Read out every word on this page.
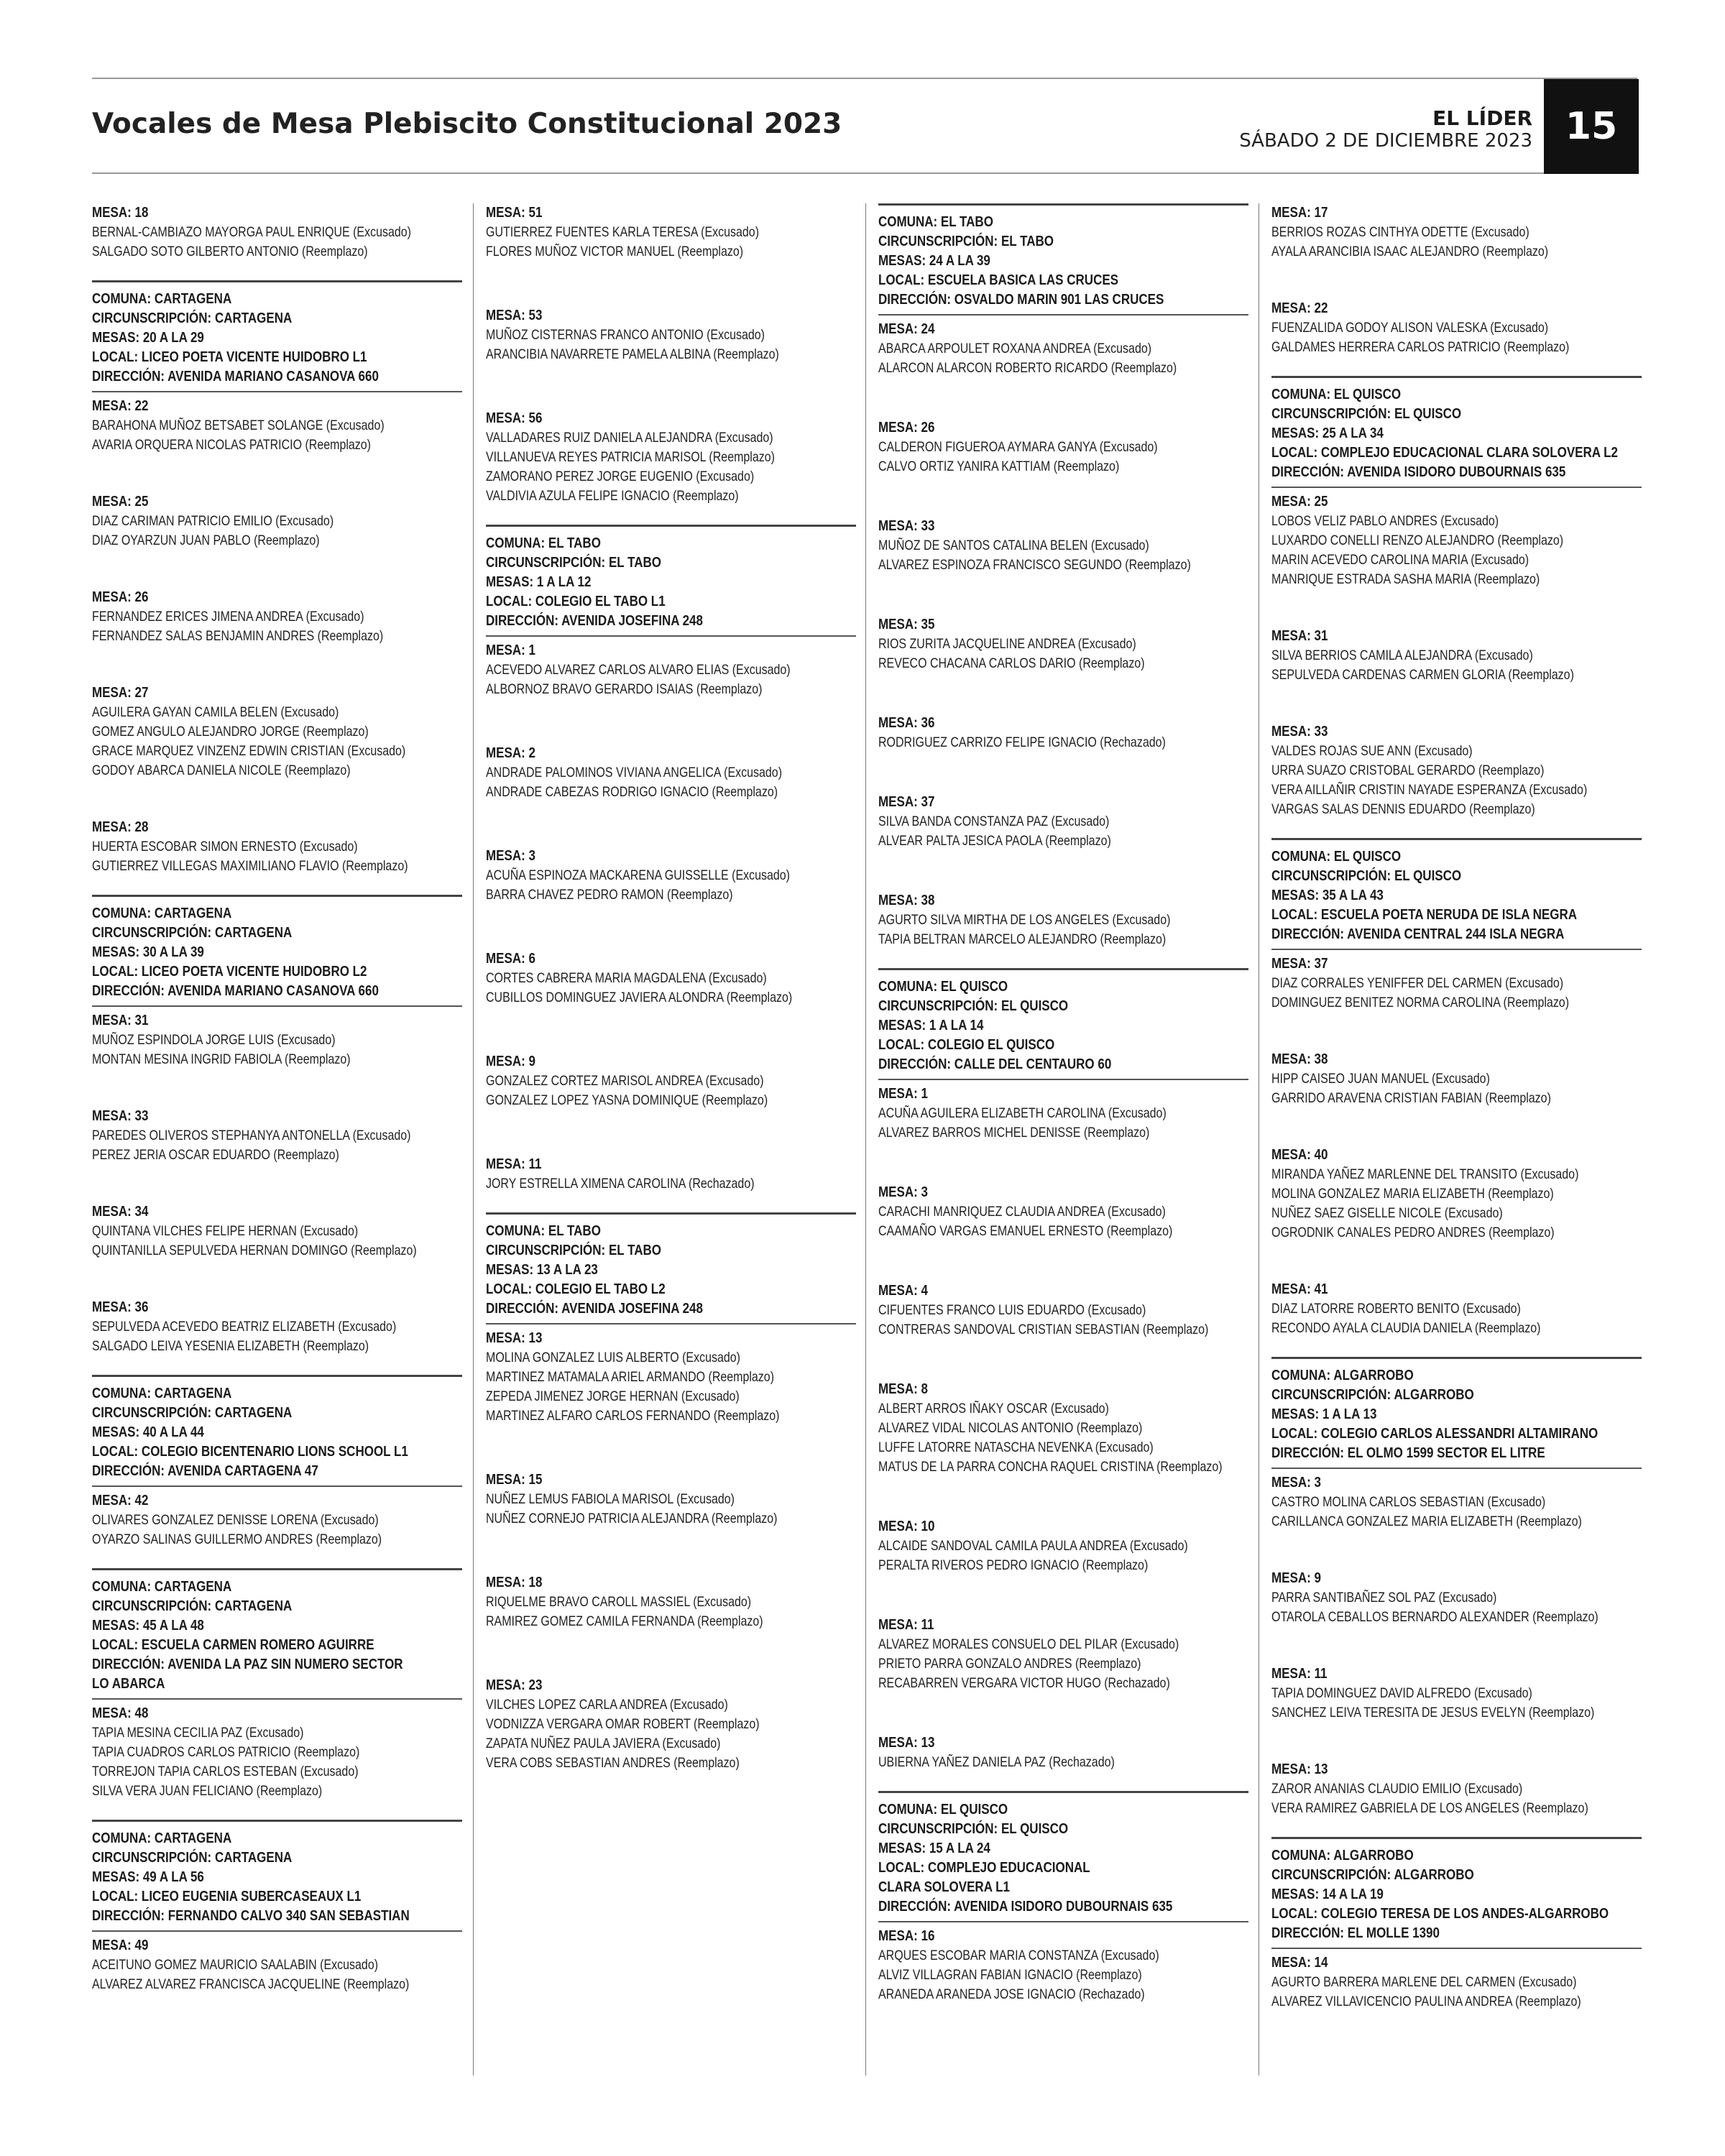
Vocales de Mesa Plebiscito Constitucional 2023	EL LÍDER
SÁBADO 2 DE DICIEMBRE 2023 15
MESA: 18
BERNAL-CAMBIAZO MAYORGA PAUL ENRIQUE (Excusado)
SALGADO SOTO GILBERTO ANTONIO (Reemplazo)
COMUNA: CARTAGENA
CIRCUNSCRIPCIÓN: CARTAGENA
MESAS: 20 A LA 29
LOCAL: LICEO POETA VICENTE HUIDOBRO L1
DIRECCIÓN: AVENIDA MARIANO CASANOVA 660
MESA: 22
BARAHONA MUÑOZ BETSABET SOLANGE (Excusado)
AVARIA ORQUERA NICOLAS PATRICIO (Reemplazo)
MESA: 25
DIAZ CARIMAN PATRICIO EMILIO (Excusado)
DIAZ OYARZUN JUAN PABLO (Reemplazo)
MESA: 26
FERNANDEZ ERICES JIMENA ANDREA (Excusado)
FERNANDEZ SALAS BENJAMIN ANDRES (Reemplazo)
MESA: 27
AGUILERA GAYAN CAMILA BELEN (Excusado)
GOMEZ ANGULO ALEJANDRO JORGE (Reemplazo)
GRACE MARQUEZ VINZENZ EDWIN CRISTIAN (Excusado)
GODOY ABARCA DANIELA NICOLE (Reemplazo)
MESA: 28
HUERTA ESCOBAR SIMON ERNESTO (Excusado)
GUTIERREZ VILLEGAS MAXIMILIANO FLAVIO (Reemplazo)
COMUNA: CARTAGENA
CIRCUNSCRIPCIÓN: CARTAGENA
MESAS: 30 A LA 39
LOCAL: LICEO POETA VICENTE HUIDOBRO L2
DIRECCIÓN: AVENIDA MARIANO CASANOVA 660
MESA: 31
MUÑOZ ESPINDOLA JORGE LUIS (Excusado)
MONTAN MESINA INGRID FABIOLA (Reemplazo)
MESA: 33
PAREDES OLIVEROS STEPHANYA ANTONELLA (Excusado)
PEREZ JERIA OSCAR EDUARDO (Reemplazo)
MESA: 34
QUINTANA VILCHES FELIPE HERNAN (Excusado)
QUINTANILLA SEPULVEDA HERNAN DOMINGO (Reemplazo)
MESA: 36
SEPULVEDA ACEVEDO BEATRIZ ELIZABETH (Excusado)
SALGADO LEIVA YESENIA ELIZABETH (Reemplazo)
COMUNA: CARTAGENA
CIRCUNSCRIPCIÓN: CARTAGENA
MESAS: 40 A LA 44
LOCAL: COLEGIO BICENTENARIO LIONS SCHOOL L1
DIRECCIÓN: AVENIDA CARTAGENA 47
MESA: 42
OLIVARES GONZALEZ DENISSE LORENA (Excusado)
OYARZO SALINAS GUILLERMO ANDRES (Reemplazo)
COMUNA: CARTAGENA
CIRCUNSCRIPCIÓN: CARTAGENA
MESAS: 45 A LA 48
LOCAL: ESCUELA CARMEN ROMERO AGUIRRE
DIRECCIÓN: AVENIDA LA PAZ SIN NUMERO SECTOR
LO ABARCA
MESA: 48
TAPIA MESINA CECILIA PAZ (Excusado)
TAPIA CUADROS CARLOS PATRICIO (Reemplazo)
TORREJON TAPIA CARLOS ESTEBAN (Excusado)
SILVA VERA JUAN FELICIANO (Reemplazo)
COMUNA: CARTAGENA
CIRCUNSCRIPCIÓN: CARTAGENA
MESAS: 49 A LA 56
LOCAL: LICEO EUGENIA SUBERCASEAUX L1
DIRECCIÓN: FERNANDO CALVO 340 SAN SEBASTIAN
MESA: 49
ACEITUNO GOMEZ MAURICIO SAALABIN (Excusado)
ALVAREZ ALVAREZ FRANCISCA JACQUELINE (Reemplazo)
MESA: 51
GUTIERREZ FUENTES KARLA TERESA (Excusado)
FLORES MUÑOZ VICTOR MANUEL (Reemplazo)
MESA: 53
MUÑOZ CISTERNAS FRANCO ANTONIO (Excusado)
ARANCIBIA NAVARRETE PAMELA ALBINA (Reemplazo)
MESA: 56
VALLADARES RUIZ DANIELA ALEJANDRA (Excusado)
VILLANUEVA REYES PATRICIA MARISOL (Reemplazo)
ZAMORANO PEREZ JORGE EUGENIO (Excusado)
VALDIVIA AZULA FELIPE IGNACIO (Reemplazo)
COMUNA: EL TABO
CIRCUNSCRIPCIÓN: EL TABO
MESAS: 1 A LA 12
LOCAL: COLEGIO EL TABO L1
DIRECCIÓN: AVENIDA JOSEFINA 248
MESA: 1
ACEVEDO ALVAREZ CARLOS ALVARO ELIAS (Excusado)
ALBORNOZ BRAVO GERARDO ISAIAS (Reemplazo)
MESA: 2
ANDRADE PALOMINOS VIVIANA ANGELICA (Excusado)
ANDRADE CABEZAS RODRIGO IGNACIO (Reemplazo)
MESA: 3
ACUÑA ESPINOZA MACKARENA GUISSELLE (Excusado)
BARRA CHAVEZ PEDRO RAMON (Reemplazo)
MESA: 6
CORTES CABRERA MARIA MAGDALENA (Excusado)
CUBILLOS DOMINGUEZ JAVIERA ALONDRA (Reemplazo)
MESA: 9
GONZALEZ CORTEZ MARISOL ANDREA (Excusado)
GONZALEZ LOPEZ YASNA DOMINIQUE (Reemplazo)
MESA: 11
JORY ESTRELLA XIMENA CAROLINA (Rechazado)
COMUNA: EL TABO
CIRCUNSCRIPCIÓN: EL TABO
MESAS: 13 A LA 23
LOCAL: COLEGIO EL TABO L2
DIRECCIÓN: AVENIDA JOSEFINA 248
MESA: 13
MOLINA GONZALEZ LUIS ALBERTO (Excusado)
MARTINEZ MATAMALA ARIEL ARMANDO (Reemplazo)
ZEPEDA JIMENEZ JORGE HERNAN (Excusado)
MARTINEZ ALFARO CARLOS FERNANDO (Reemplazo)
MESA: 15
NUÑEZ LEMUS FABIOLA MARISOL (Excusado)
NUÑEZ CORNEJO PATRICIA ALEJANDRA (Reemplazo)
MESA: 18
RIQUELME BRAVO CAROLL MASSIEL (Excusado)
RAMIREZ GOMEZ CAMILA FERNANDA (Reemplazo)
MESA: 23
VILCHES LOPEZ CARLA ANDREA (Excusado)
VODNIZZA VERGARA OMAR ROBERT (Reemplazo)
ZAPATA NUÑEZ PAULA JAVIERA (Excusado)
VERA COBS SEBASTIAN ANDRES (Reemplazo)
COMUNA: EL TABO
CIRCUNSCRIPCIÓN: EL TABO
MESAS: 24 A LA 39
LOCAL: ESCUELA BASICA LAS CRUCES
DIRECCIÓN: OSVALDO MARIN 901 LAS CRUCES
MESA: 24
ABARCA ARPOULET ROXANA ANDREA (Excusado)
ALARCON ALARCON ROBERTO RICARDO (Reemplazo)
MESA: 26
CALDERON FIGUEROA AYMARA GANYA (Excusado)
CALVO ORTIZ YANIRA KATTIAM (Reemplazo)
MESA: 33
MUÑOZ DE SANTOS CATALINA BELEN (Excusado)
ALVAREZ ESPINOZA FRANCISCO SEGUNDO (Reemplazo)
MESA: 35
RIOS ZURITA JACQUELINE ANDREA (Excusado)
REVECO CHACANA CARLOS DARIO (Reemplazo)
MESA: 36
RODRIGUEZ CARRIZO FELIPE IGNACIO (Rechazado)
MESA: 37
SILVA BANDA CONSTANZA PAZ (Excusado)
ALVEAR PALTA JESICA PAOLA (Reemplazo)
MESA: 38
AGURTO SILVA MIRTHA DE LOS ANGELES (Excusado)
TAPIA BELTRAN MARCELO ALEJANDRO (Reemplazo)
COMUNA: EL QUISCO
CIRCUNSCRIPCIÓN: EL QUISCO
MESAS: 1 A LA 14
LOCAL: COLEGIO EL QUISCO
DIRECCIÓN: CALLE DEL CENTAURO 60
MESA: 1
ACUÑA AGUILERA ELIZABETH CAROLINA (Excusado)
ALVAREZ BARROS MICHEL DENISSE (Reemplazo)
MESA: 3
CARACHI MANRIQUEZ CLAUDIA ANDREA (Excusado)
CAAMAÑO VARGAS EMANUEL ERNESTO (Reemplazo)
MESA: 4
CIFUENTES FRANCO LUIS EDUARDO (Excusado)
CONTRERAS SANDOVAL CRISTIAN SEBASTIAN (Reemplazo)
MESA: 8
ALBERT ARROS IÑAKY OSCAR (Excusado)
ALVAREZ VIDAL NICOLAS ANTONIO (Reemplazo)
LUFFE LATORRE NATASCHA NEVENKA (Excusado)
MATUS DE LA PARRA CONCHA RAQUEL CRISTINA (Reemplazo)
MESA: 10
ALCAIDE SANDOVAL CAMILA PAULA ANDREA (Excusado)
PERALTA RIVEROS PEDRO IGNACIO (Reemplazo)
MESA: 11
ALVAREZ MORALES CONSUELO DEL PILAR (Excusado)
PRIETO PARRA GONZALO ANDRES (Reemplazo)
RECABARREN VERGARA VICTOR HUGO (Rechazado)
MESA: 13
UBIERNA YAÑEZ DANIELA PAZ (Rechazado)
COMUNA: EL QUISCO
CIRCUNSCRIPCIÓN: EL QUISCO
MESAS: 15 A LA 24
LOCAL: COMPLEJO EDUCACIONAL
CLARA SOLOVERA L1
DIRECCIÓN: AVENIDA ISIDORO DUBOURNAIS 635
MESA: 16
ARQUES ESCOBAR MARIA CONSTANZA (Excusado)
ALVIZ VILLAGRAN FABIAN IGNACIO (Reemplazo)
ARANEDA ARANEDA JOSE IGNACIO (Rechazado)
MESA: 17
BERRIOS ROZAS CINTHYA ODETTE (Excusado)
AYALA ARANCIBIA ISAAC ALEJANDRO (Reemplazo)
MESA: 22
FUENZALIDA GODOY ALISON VALESKA (Excusado)
GALDAMES HERRERA CARLOS PATRICIO (Reemplazo)
COMUNA: EL QUISCO
CIRCUNSCRIPCIÓN: EL QUISCO
MESAS: 25 A LA 34
LOCAL: COMPLEJO EDUCACIONAL CLARA SOLOVERA L2
DIRECCIÓN: AVENIDA ISIDORO DUBOURNAIS 635
MESA: 25
LOBOS VELIZ PABLO ANDRES (Excusado)
LUXARDO CONELLI RENZO ALEJANDRO (Reemplazo)
MARIN ACEVEDO CAROLINA MARIA (Excusado)
MANRIQUE ESTRADA SASHA MARIA (Reemplazo)
MESA: 31
SILVA BERRIOS CAMILA ALEJANDRA (Excusado)
SEPULVEDA CARDENAS CARMEN GLORIA (Reemplazo)
MESA: 33
VALDES ROJAS SUE ANN (Excusado)
URRA SUAZO CRISTOBAL GERARDO (Reemplazo)
VERA AILLAÑIR CRISTIN NAYADE ESPERANZA (Excusado)
VARGAS SALAS DENNIS EDUARDO (Reemplazo)
COMUNA: EL QUISCO
CIRCUNSCRIPCIÓN: EL QUISCO
MESAS: 35 A LA 43
LOCAL: ESCUELA POETA NERUDA DE ISLA NEGRA
DIRECCIÓN: AVENIDA CENTRAL 244 ISLA NEGRA
MESA: 37
DIAZ CORRALES YENIFFER DEL CARMEN (Excusado)
DOMINGUEZ BENITEZ NORMA CAROLINA (Reemplazo)
MESA: 38
HIPP CAISEO JUAN MANUEL (Excusado)
GARRIDO ARAVENA CRISTIAN FABIAN (Reemplazo)
MESA: 40
MIRANDA YAÑEZ MARLENNE DEL TRANSITO (Excusado)
MOLINA GONZALEZ MARIA ELIZABETH (Reemplazo)
NUÑEZ SAEZ GISELLE NICOLE (Excusado)
OGRODNIK CANALES PEDRO ANDRES (Reemplazo)
MESA: 41
DIAZ LATORRE ROBERTO BENITO (Excusado)
RECONDO AYALA CLAUDIA DANIELA (Reemplazo)
COMUNA: ALGARROBO
CIRCUNSCRIPCIÓN: ALGARROBO
MESAS: 1 A LA 13
LOCAL: COLEGIO CARLOS ALESSANDRI ALTAMIRANO
DIRECCIÓN: EL OLMO 1599 SECTOR EL LITRE
MESA: 3
CASTRO MOLINA CARLOS SEBASTIAN (Excusado)
CARILLANCA GONZALEZ MARIA ELIZABETH (Reemplazo)
MESA: 9
PARRA SANTIBAÑEZ SOL PAZ (Excusado)
OTAROLA CEBALLOS BERNARDO ALEXANDER (Reemplazo)
MESA: 11
TAPIA DOMINGUEZ DAVID ALFREDO (Excusado)
SANCHEZ LEIVA TERESITA DE JESUS EVELYN (Reemplazo)
MESA: 13
ZAROR ANANIAS CLAUDIO EMILIO (Excusado)
VERA RAMIREZ GABRIELA DE LOS ANGELES (Reemplazo)
COMUNA: ALGARROBO
CIRCUNSCRIPCIÓN: ALGARROBO
MESAS: 14 A LA 19
LOCAL: COLEGIO TERESA DE LOS ANDES-ALGARROBO
DIRECCIÓN: EL MOLLE 1390
MESA: 14
AGURTO BARRERA MARLENE DEL CARMEN (Excusado)
ALVAREZ VILLAVICENCIO PAULINA ANDREA (Reemplazo)
